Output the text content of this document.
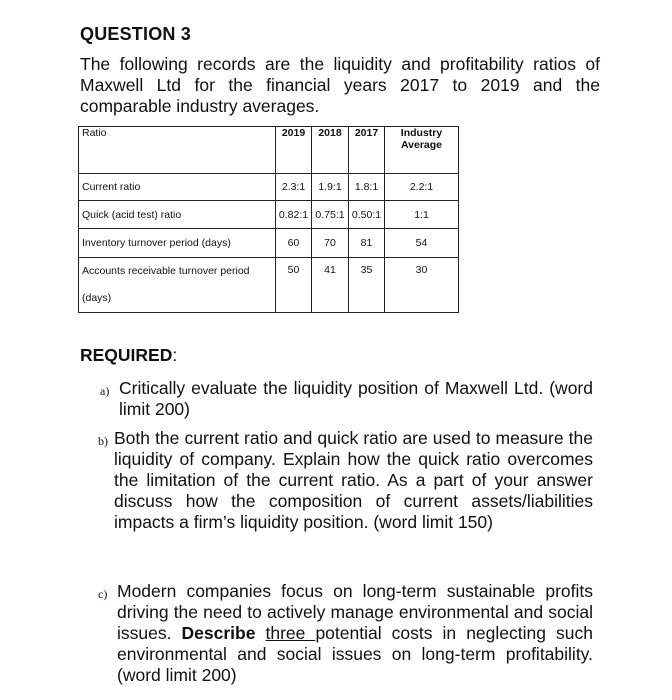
QUESTION 3
The following records are the liquidity and profitability ratios of Maxwell Ltd for the financial years 2017 to 2019 and the comparable industry averages.
Ratio	2019	2018	2017	Industry
Average
Current ratio	2.3:1	1.9:1	1.8:1	2.2:1
Quick (acid test) ratio	0.82:1	0.75:1	0.50:1	1:1
Inventory turnover period (days)	60	70	81	54
Accounts receivable turnover period
(days)	50	41	35	30
REQUIRED:
a) Critically evaluate the liquidity position of Maxwell Ltd. (word limit 200)
b) Both the current ratio and quick ratio are used to measure the liquidity of company. Explain how the quick ratio overcomes the limitation of the current ratio. As a part of your answer discuss how the composition of current assets/liabilities impacts a firm’s liquidity position. (word limit 150)
c) Modern companies focus on long-term sustainable profits driving the need to actively manage environmental and social issues. Describe three potential costs in neglecting such environmental and social issues on long-term profitability. (word limit 200)
